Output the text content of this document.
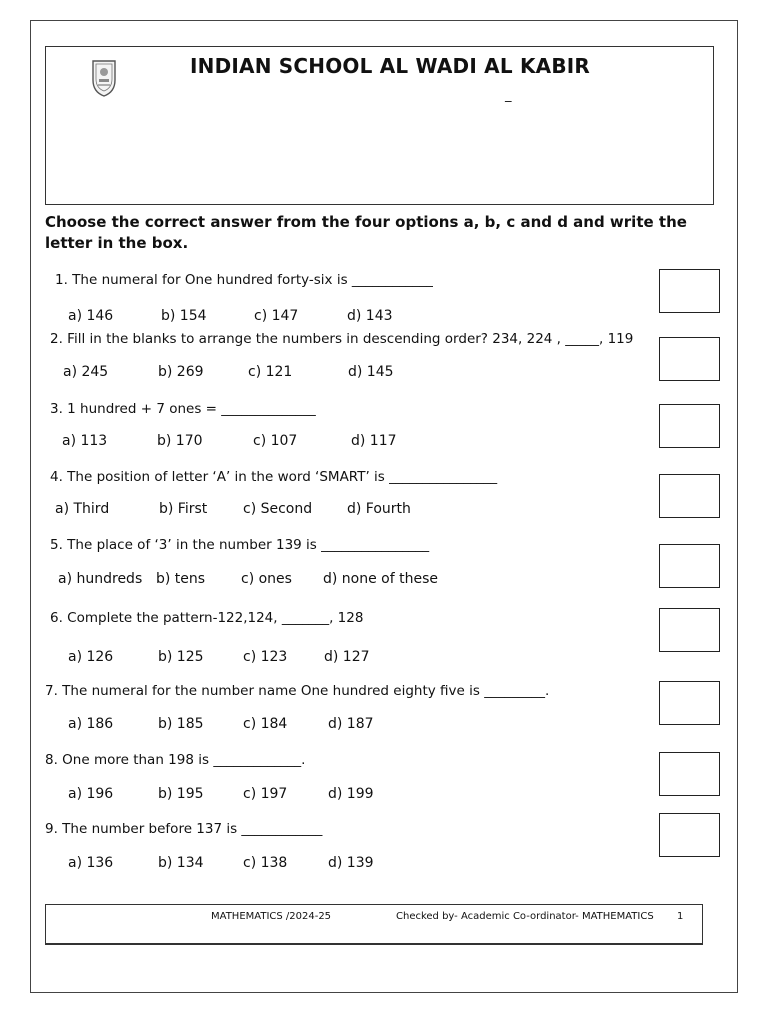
INDIAN SCHOOL AL WADI AL KABIR
_
Choose the correct answer from the four options a, b, c and d and write the letter in the box.
1. The numeral for One hundred forty-six is ____________
a) 146	b) 154	c) 147	d) 143
2. Fill in the blanks to arrange the numbers in descending order? 234, 224 , _____, 119
a) 245	b) 269	c) 121	d) 145
3. 1 hundred + 7 ones = ______________
a) 113	b) 170	c) 107	d) 117
4. The position of letter ‘A’ in the word ‘SMART’ is ________________
a) Third	b) First	c) Second d) Fourth
5. The place of ‘3’ in the number 139 is ________________
a) hundreds b) tens	c) ones d) none of these
6. Complete the pattern-122,124, _______, 128
a) 126	b) 125	c) 123	d) 127
7. The numeral for the number name One hundred eighty five is _________.
a) 186	b) 185	c) 184	d) 187
8. One more than 198 is _____________.
a) 196	b) 195	c) 197	d) 199
9. The number before 137 is ____________
a) 136	b) 134	c) 138	d) 139
MATHEMATICS /2024-25	Checked by- Academic Co-ordinator- MATHEMATICS 1
